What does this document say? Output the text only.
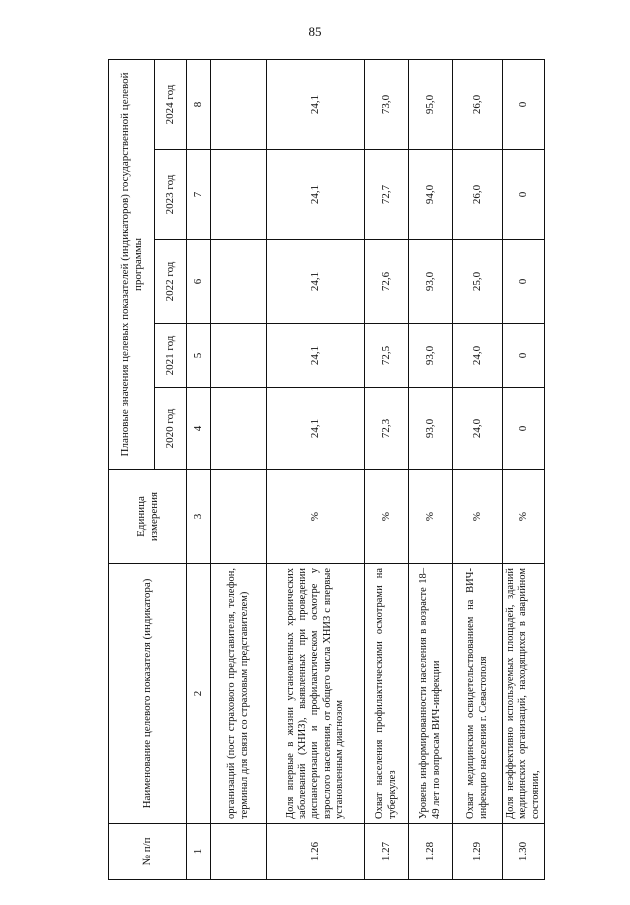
85
№ п/п	Наименование целевого показателя (индикатора)	Единица измерения	Плановые значения целевых показателей (индикаторов) государственной целевой программы				
			2020 год	2021 год	2022 год	2023 год	2024 год
1	2	3	4	5	6	7	8
	организаций (пост страхового представителя, телефон, терминал для связи со страховым представителем)						
1.26	Доля впервые в жизни установленных хронических заболеваний (ХНИЗ), выявленных при проведении диспансеризации и профилактическом осмотре у взрослого населения, от общего числа ХНИЗ с впервые установленным диагнозом	%	24,1	24,1	24,1	24,1	24,1
1.27	Охват населения профилактическими осмотрами на туберкулез	%	72,3	72,5	72,6	72,7	73,0
1.28	Уровень информированности населения в возрасте 18–49 лет по вопросам ВИЧ-инфекции	%	93,0	93,0	93,0	94,0	95,0
1.29	Охват медицинским освидетельствованием на ВИЧ-инфекцию населения г. Севастополя	%	24,0	24,0	25,0	26,0	26,0
1.30	Доля неэффективно используемых площадей, зданий медицинских организаций, находящихся в аварийном состоянии,	%	0	0	0	0	0
